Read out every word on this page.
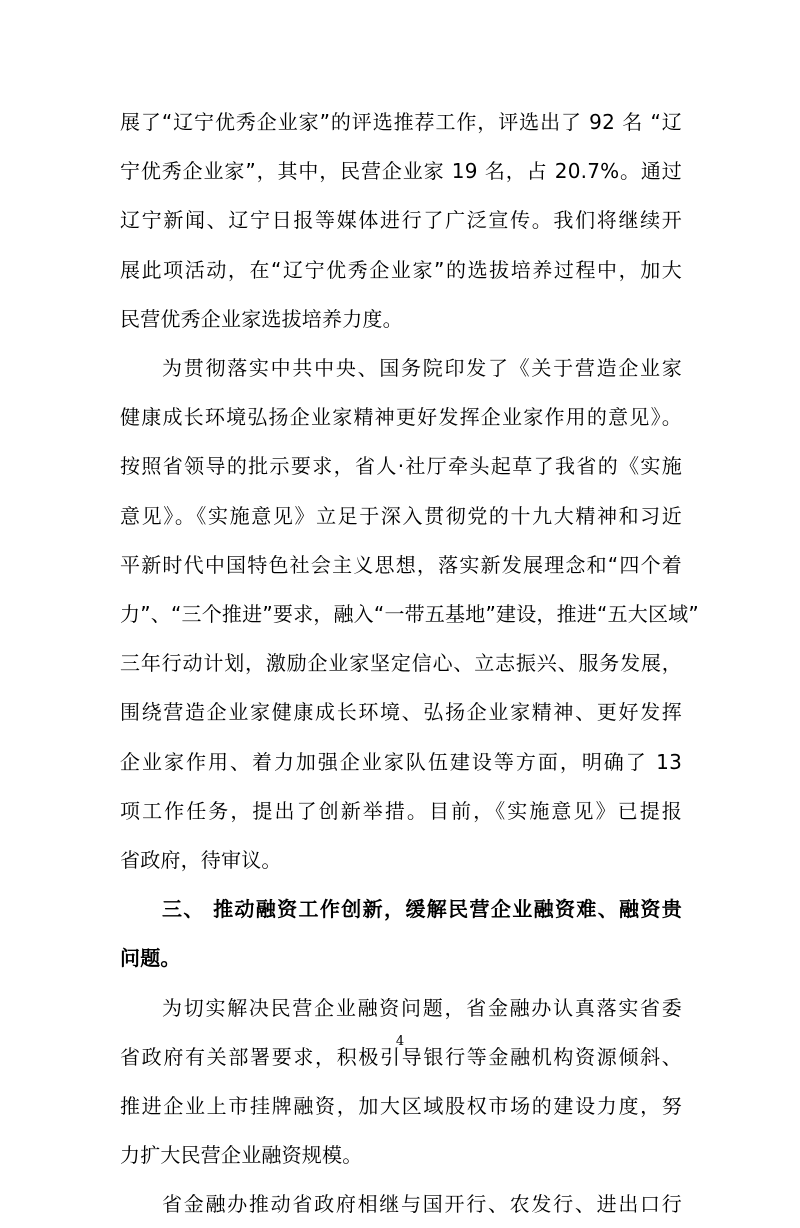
展了“辽宁优秀企业家”的评选推荐工作，评选出了 92 名 “辽
宁优秀企业家”，其中，民营企业家 19 名，占 20.7%。通过
辽宁新闻、辽宁日报等媒体进行了广泛宣传。我们将继续开
展此项活动，在“辽宁优秀企业家”的选拔培养过程中，加大
民营优秀企业家选拔培养力度。
为贯彻落实中共中央、国务院印发了《关于营造企业家
健康成长环境弘扬企业家精神更好发挥企业家作用的意见》。
按照省领导的批示要求，省人·社厅牵头起草了我省的《实施
意见》。《实施意见》立足于深入贯彻党的十九大精神和习近
平新时代中国特色社会主义思想，落实新发展理念和“四个着
力”、“三个推进”要求，融入“一带五基地”建设，推进“五大区域”
三年行动计划，激励企业家坚定信心、立志振兴、服务发展，
围绕营造企业家健康成长环境、弘扬企业家精神、更好发挥
企业家作用、着力加强企业家队伍建设等方面，明确了 13
项工作任务，提出了创新举措。目前，《实施意见》已提报
省政府，待审议。
三、 推动融资工作创新，缓解民营企业融资难、融资贵
问题。
为切实解决民营企业融资问题，省金融办认真落实省委
省政府有关部署要求，积极引导银行等金融机构资源倾斜、
推进企业上市挂牌融资，加大区域股权市场的建设力度，努
力扩大民营企业融资规模。
省金融办推动省政府相继与国开行、农发行、进出口行
4
